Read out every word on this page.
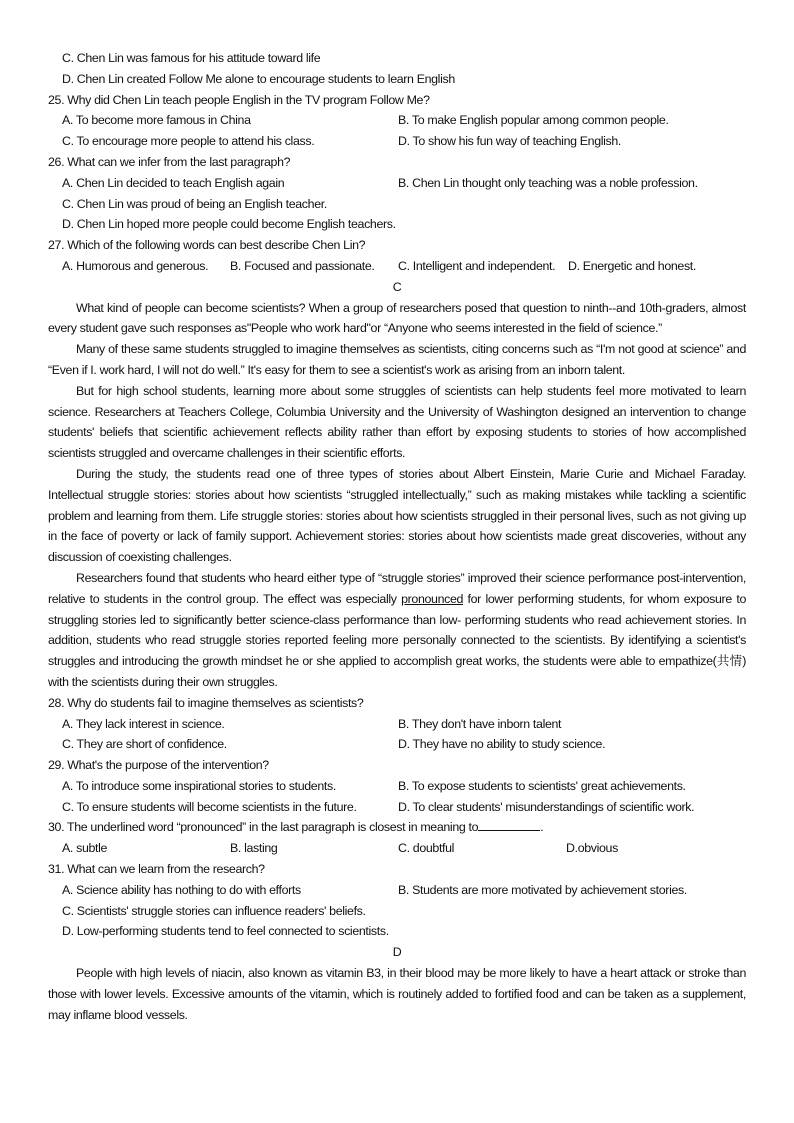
C. Chen Lin was famous for his attitude toward life
D. Chen Lin created Follow Me alone to encourage students to learn English
25. Why did Chen Lin teach people English in the TV program Follow Me?
A. To become more famous in China	B. To make English popular among common people.
C. To encourage more people to attend his class.	D. To show his fun way of teaching English.
26. What can we infer from the last paragraph?
A. Chen Lin decided to teach English again	B. Chen Lin thought only teaching was a noble profession.
C. Chen Lin was proud of being an English teacher.
D. Chen Lin hoped more people could become English teachers.
27. Which of the following words can best describe Chen Lin?
A. Humorous and generous.	B. Focused and passionate.	C. Intelligent and independent.	D. Energetic and honest.
C

What kind of people can become scientists? When a group of researchers posed that question to ninth--and 10th-graders, almost every student gave such responses as"People who work hard"or “Anyone who seems interested in the field of science.”

Many of these same students struggled to imagine themselves as scientists, citing concerns such as “I'm not good at science” and “Even if I. work hard, I will not do well.” It's easy for them to see a scientist's work as arising from an inborn talent.

But for high school students, learning more about some struggles of scientists can help students feel more motivated to learn science. Researchers at Teachers College, Columbia University and the University of Washington designed an intervention to change students' beliefs that scientific achievement reflects ability rather than effort by exposing students to stories of how accomplished scientists struggled and overcame challenges in their scientific efforts.

During the study, the students read one of three types of stories about Albert Einstein, Marie Curie and Michael Faraday. Intellectual struggle stories: stories about how scientists “struggled intellectually,” such as making mistakes while tackling a scientific problem and learning from them. Life struggle stories: stories about how scientists struggled in their personal lives, such as not giving up in the face of poverty or lack of family support. Achievement stories: stories about how scientists made great discoveries, without any discussion of coexisting challenges.

Researchers found that students who heard either type of “struggle stories” improved their science performance post-intervention, relative to students in the control group. The effect was especially pronounced for lower performing students, for whom exposure to struggling stories led to significantly better science-class performance than low- performing students who read achievement stories. In addition, students who read struggle stories reported feeling more personally connected to the scientists. By identifying a scientist's struggles and introducing the growth mindset he or she applied to accomplish great works, the students were able to empathize(共情) with the scientists during their own struggles.

28. Why do students fail to imagine themselves as scientists?
A. They lack interest in science.	B. They don't have inborn talent
C. They are short of confidence.	D. They have no ability to study science.
29. What's the purpose of the intervention?
A. To introduce some inspirational stories to students.	B. To expose students to scientists' great achievements.
C. To ensure students will become scientists in the future.	D. To clear students' misunderstandings of scientific work.
30. The underlined word “pronounced” in the last paragraph is closest in meaning to	.
A. subtle	B. lasting	C. doubtful	D.obvious
31. What can we learn from the research?
A. Science ability has nothing to do with efforts	B. Students are more motivated by achievement stories.
C. Scientists' struggle stories can influence readers' beliefs.
D. Low-performing students tend to feel connected to scientists.
D

People with high levels of niacin, also known as vitamin B3, in their blood may be more likely to have a heart attack or stroke than those with lower levels. Excessive amounts of the vitamin, which is routinely added to fortified food and can be taken as a supplement, may inflame blood vessels.
